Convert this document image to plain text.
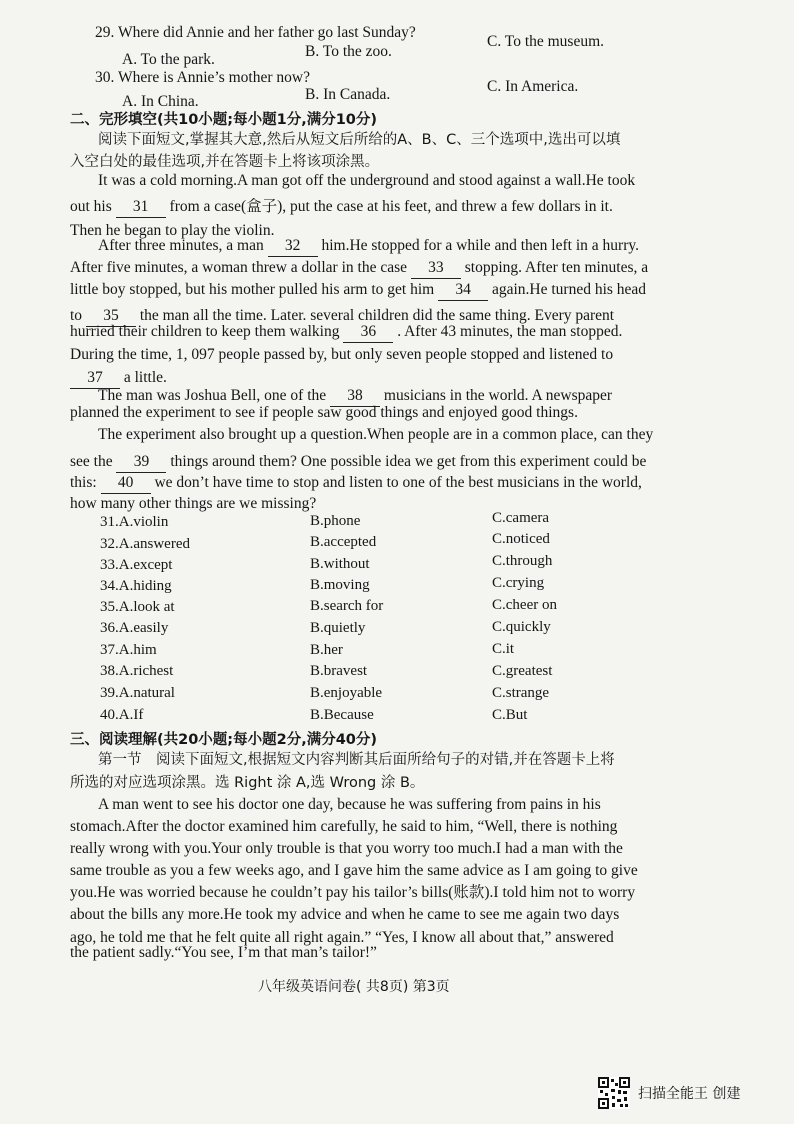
29. Where did Annie and her father go last Sunday?
A. To the park.	B. To the zoo.
C. To the museum.
30. Where is Annie’s mother now?
A. In China.	B. In Canada.	C. In America.
二、完形填空(共10小题;每小题1分,满分10分)
阅读下面短文,掌握其大意,然后从短文后所给的A、B、C、三个选项中,选出可以填
入空白处的最佳选项,并在答题卡上将该项涂黑。
It was a cold morning.A man got off the underground and stood against a wall.He took
out his 31 from a case(盒子), put the case at his feet, and threw a few dollars in it.
Then he began to play the violin.
After three minutes, a man 32 him.He stopped for a while and then left in a hurry.
After five minutes, a woman threw a dollar in the case 33 stopping. After ten minutes, a
little boy stopped, but his mother pulled his arm to get him 34 again.He turned his head
to 35 the man all the time. Later. several children did the same thing. Every parent
hurried their children to keep them walking 36 . After 43 minutes, the man stopped.
During the time, 1, 097 people passed by, but only seven people stopped and listened to
37 a little.
The man was Joshua Bell, one of the 38 musicians in the world. A newspaper
planned the experiment to see if people saw good things and enjoyed good things.
The experiment also brought up a question.When people are in a common place, can they
see the 39 things around them? One possible idea we get from this experiment could be
this: 40 we don’t have time to stop and listen to one of the best musicians in the world,
how many other things are we missing?
31.A.violin	B.phone	C.camera
32.A.answered	B.accepted	C.noticed
33.A.except	B.without	C.through
34.A.hiding	B.moving	C.crying
35.A.look at	B.search for	C.cheer on
36.A.easily	B.quietly	C.quickly
37.A.him	B.her	C.it
38.A.richest	B.bravest	C.greatest
39.A.natural	B.enjoyable	C.strange
40.A.If	B.Because	C.But
三、阅读理解(共20小题;每小题2分,满分40分)
第一节　阅读下面短文,根据短文内容判断其后面所给句子的对错,并在答题卡上将
所选的对应选项涂黑。选 Right 涂 A,选 Wrong 涂 B。
A man went to see his doctor one day, because he was suffering from pains in his
stomach.After the doctor examined him carefully, he said to him, “Well, there is nothing
really wrong with you.Your only trouble is that you worry too much.I had a man with the
same trouble as you a few weeks ago, and I gave him the same advice as I am going to give
you.He was worried because he couldn’t pay his tailor’s bills(账款).I told him not to worry
about the bills any more.He took my advice and when he came to see me again two days
ago, he told me that he felt quite all right again.” “Yes, I know all about that,” answered
the patient sadly.“You see, I’m that man’s tailor!”
八年级英语问卷( 共8页) 第3页
扫描全能王 创建
